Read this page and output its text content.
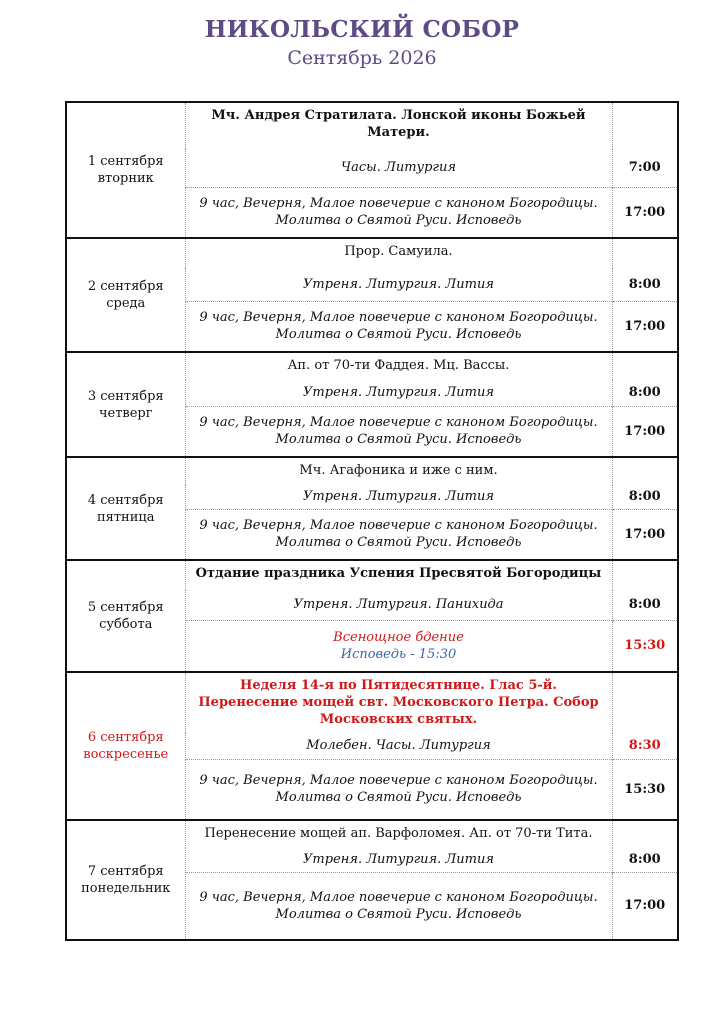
НИКОЛЬСКИЙ СОБОР
Сентябрь 2026
1 сентября
вторник	Мч. Андрея Стратилата. Лонской иконы Божьей Матери.	
	Часы. Литургия	7:00
	9 час, Вечерня, Малое повечерие с каноном Богородицы. Молитва о Святой Руси. Исповедь	17:00
2 сентября
среда	Прор. Самуила.	
	Утреня. Литургия. Лития	8:00
	9 час, Вечерня, Малое повечерие с каноном Богородицы. Молитва о Святой Руси. Исповедь	17:00
3 сентября
четверг	Ап. от 70-ти Фаддея. Мц. Вассы.	
	Утреня. Литургия. Лития	8:00
	9 час, Вечерня, Малое повечерие с каноном Богородицы. Молитва о Святой Руси. Исповедь	17:00
4 сентября
пятница	Мч. Агафоника и иже с ним.	
	Утреня. Литургия. Лития	8:00
	9 час, Вечерня, Малое повечерие с каноном Богородицы. Молитва о Святой Руси. Исповедь	17:00
5 сентября
суббота	Отдание праздника Успения Пресвятой Богородицы	
	Утреня. Литургия. Панихида	8:00
	Всенощное бдение
Исповедь - 15:30	15:30
6 сентября
воскресенье	Неделя 14-я по Пятидесятнице. Глас 5-й. Перенесение мощей свт. Московского Петра. Собор Московских святых.	
	Молебен. Часы. Литургия	8:30
	9 час, Вечерня, Малое повечерие с каноном Богородицы. Молитва о Святой Руси. Исповедь	15:30
7 сентября
понедельник	Перенесение мощей ап. Варфоломея. Ап. от 70-ти Тита.	
	Утреня. Литургия. Лития	8:00
	9 час, Вечерня, Малое повечерие с каноном Богородицы. Молитва о Святой Руси. Исповедь	17:00
